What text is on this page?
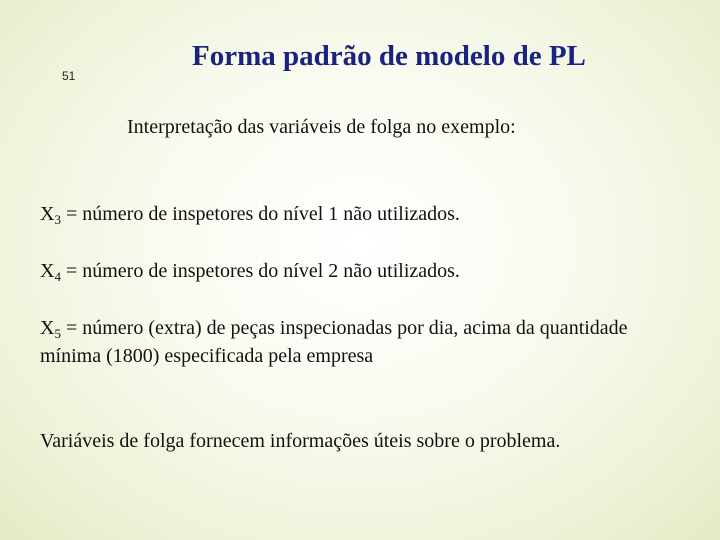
51
Forma padrão de modelo de PL
Interpretação das variáveis de folga no exemplo:
$X_3$ = número de inspetores do nível 1 não utilizados.
$X_4$ = número de inspetores do nível 2 não utilizados.
$X_5$ = número (extra) de peças inspecionadas por dia, acima da quantidade mínima (1800) especificada pela empresa
Variáveis de folga fornecem informações úteis sobre o problema.
